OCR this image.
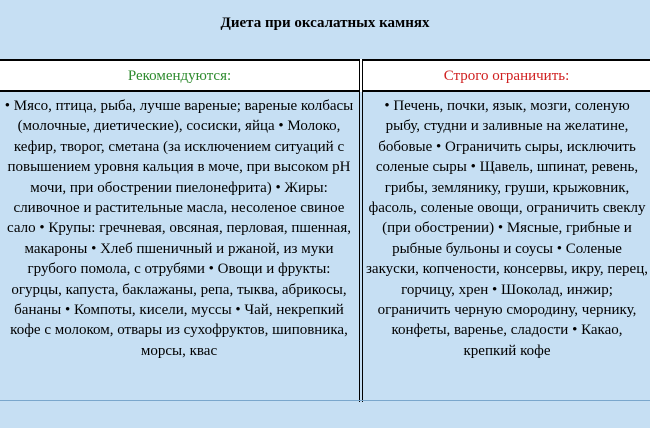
Диета при оксалатных камнях
Рекомендуются:	Строго ограничить:
• Мясо, птица, рыба, лучше вареные; вареные колбасы (молочные, диетические), сосиски, яйца • Молоко, кефир, творог, сметана (за исключением ситуаций с повышением уровня кальция в моче, при высоком pH мочи, при обострении пиелонефрита) • Жиры: сливочное и растительные масла, несоленое свиное сало • Крупы: гречневая, овсяная, перловая, пшенная, макароны • Хлеб пшеничный и ржаной, из муки грубого помола, с отрубями • Овощи и фрукты: огурцы, капуста, баклажаны, репа, тыква, абрикосы, бананы • Компоты, кисели, муссы • Чай, некрепкий кофе с молоком, отвары из сухофруктов, шиповника, морсы, квас
• Печень, почки, язык, мозги, соленую рыбу, студни и заливные на желатине, бобовые • Ограничить сыры, исключить соленые сыры • Щавель, шпинат, ревень, грибы, землянику, груши, крыжовник, фасоль, соленые овощи, ограничить свеклу (при обострении) • Мясные, грибные и рыбные бульоны и соусы • Соленые закуски, копчености, консервы, икру, перец, горчицу, хрен • Шоколад, инжир; ограничить черную смородину, чернику, конфеты, варенье, сладости • Какао, крепкий кофе
